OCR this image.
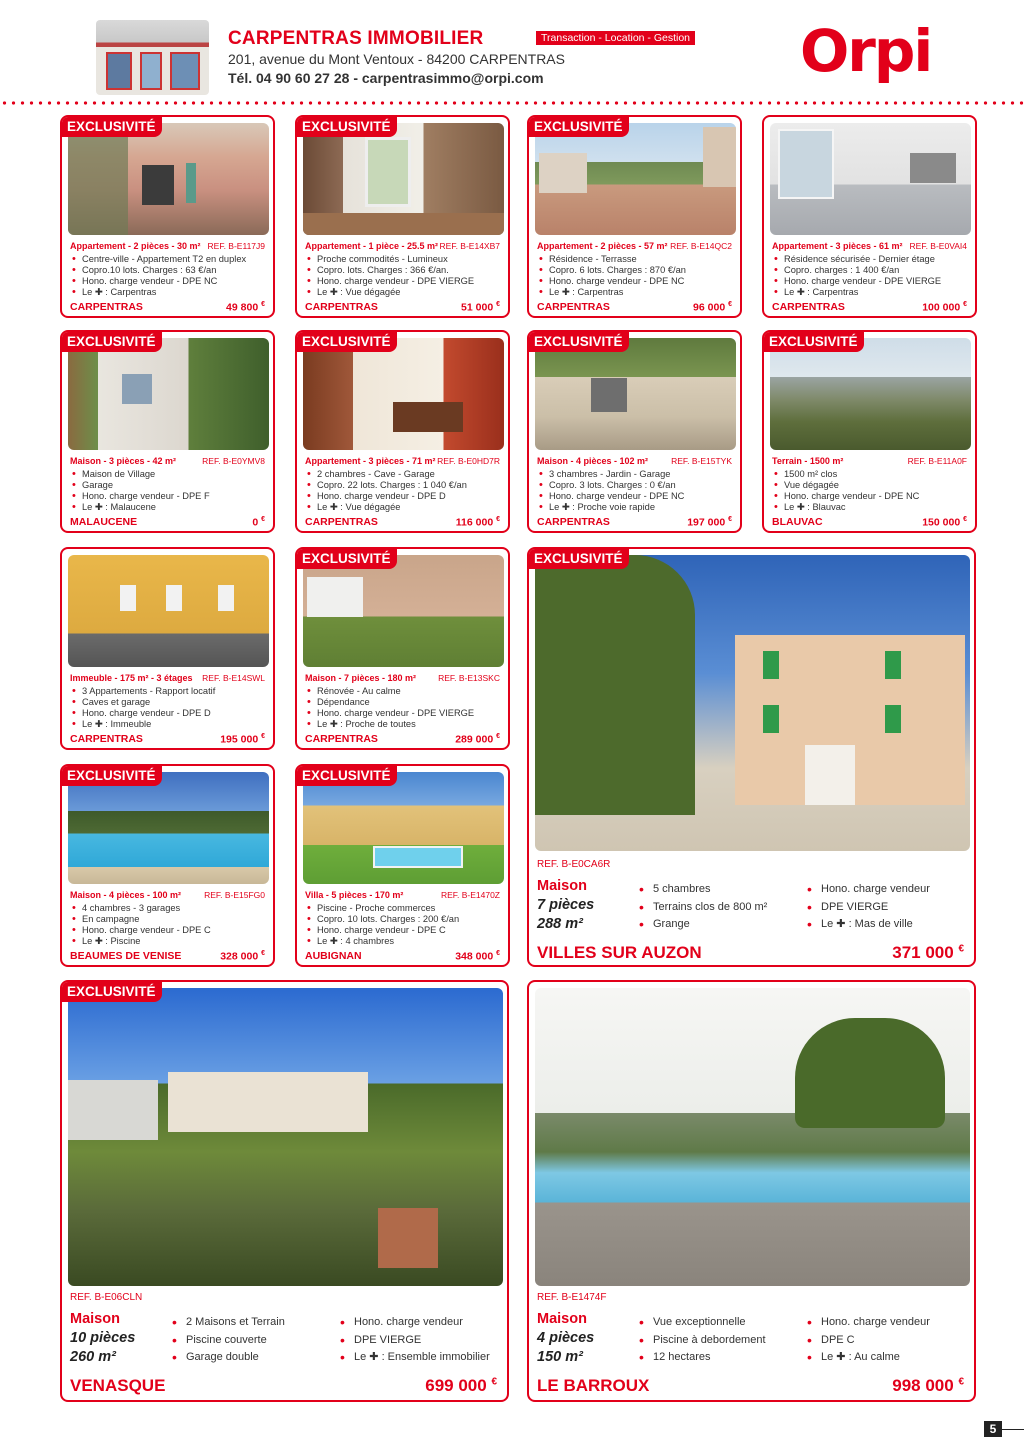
CARPENTRAS IMMOBILIER	Transaction - Location - Gestion
201, avenue du Mont Ventoux - 84200 CARPENTRAS
Tél. 04 90 60 27 28 - carpentrasimmo@orpi.com	Orpi
EXCLUSIVITÉ
Appartement - 2 pièces - 30 m² REF. B-E117J9
• Centre-ville - Appartement T2 en duplex
• Copro.10 lots. Charges : 63 €/an
• Hono. charge vendeur - DPE NC
• Le ✚ : Carpentras
CARPENTRAS	49 800 €
EXCLUSIVITÉ
Appartement - 1 pièce - 25.5 m² REF. B-E14XB7
• Proche commodités - Lumineux
• Copro. lots. Charges : 366 €/an.
• Hono. charge vendeur - DPE VIERGE
• Le ✚ : Vue dégagée
CARPENTRAS	51 000 €
EXCLUSIVITÉ
Appartement - 2 pièces - 57 m² REF. B-E14QC2
• Résidence - Terrasse
• Copro. 6 lots. Charges : 870 €/an
• Hono. charge vendeur - DPE NC
• Le ✚ : Carpentras
CARPENTRAS	96 000 €
Appartement - 3 pièces - 61 m² REF. B-E0VAI4
• Résidence sécurisée - Dernier étage
• Copro. charges : 1 400 €/an
• Hono. charge vendeur - DPE VIERGE
• Le ✚ : Carpentras
CARPENTRAS	100 000 €
EXCLUSIVITÉ
Maison - 3 pièces - 42 m²	REF. B-E0YMV8
• Maison de Village
• Garage
• Hono. charge vendeur - DPE F
• Le ✚ : Malaucene
MALAUCENE	0 €
EXCLUSIVITÉ
Appartement - 3 pièces - 71 m² REF. B-E0HD7R
• 2 chambres - Cave - Garage
• Copro. 22 lots. Charges : 1 040 €/an
• Hono. charge vendeur - DPE D
• Le ✚ : Vue dégagée
CARPENTRAS	116 000 €
EXCLUSIVITÉ
Maison - 4 pièces - 102 m²	REF. B-E15TYK
• 3 chambres - Jardin - Garage
• Copro. 3 lots. Charges : 0 €/an
• Hono. charge vendeur - DPE NC
• Le ✚ : Proche voie rapide
CARPENTRAS	197 000 €
EXCLUSIVITÉ
Terrain - 1500 m²	REF. B-E11A0F
• 1500 m² clos
• Vue dégagée
• Hono. charge vendeur - DPE NC
• Le ✚ : Blauvac
BLAUVAC	150 000 €
Immeuble - 175 m² - 3 étages REF. B-E14SWL
• 3 Appartements - Rapport locatif
• Caves et garage
• Hono. charge vendeur - DPE D
• Le ✚ : Immeuble
CARPENTRAS	195 000 €
EXCLUSIVITÉ
Maison - 7 pièces - 180 m²	REF. B-E13SKC
• Rénovée - Au calme
• Dépendance
• Hono. charge vendeur - DPE VIERGE
• Le ✚ : Proche de toutes
CARPENTRAS	289 000 €
EXCLUSIVITÉ
Maison - 4 pièces - 100 m²	REF. B-E15FG0
• 4 chambres - 3 garages
• En campagne
• Hono. charge vendeur - DPE C
• Le ✚ : Piscine
BEAUMES DE VENISE	328 000 €
EXCLUSIVITÉ
Villa - 5 pièces - 170 m²	REF. B-E1470Z
• Piscine - Proche commerces
• Copro. 10 lots. Charges : 200 €/an
• Hono. charge vendeur - DPE C
• Le ✚ : 4 chambres
AUBIGNAN	348 000 €
EXCLUSIVITÉ
REF. B-E0CA6R
Maison
7 pièces
288 m²
• 5 chambres
• Terrains clos de 800 m²
• Grange
• Hono. charge vendeur
• DPE VIERGE
• Le ✚ : Mas de ville
VILLES SUR AUZON	371 000 €
EXCLUSIVITÉ
REF. B-E06CLN
Maison
10 pièces
260 m²
• 2 Maisons et Terrain
• Piscine couverte
• Garage double
• Hono. charge vendeur
• DPE VIERGE
• Le ✚ : Ensemble immobilier
VENASQUE	699 000 €
REF. B-E1474F
Maison
4 pièces
150 m²
• Vue exceptionnelle
• Piscine à debordement
• 12 hectares
• Hono. charge vendeur
• DPE C
• Le ✚ : Au calme
LE BARROUX	998 000 €
5
